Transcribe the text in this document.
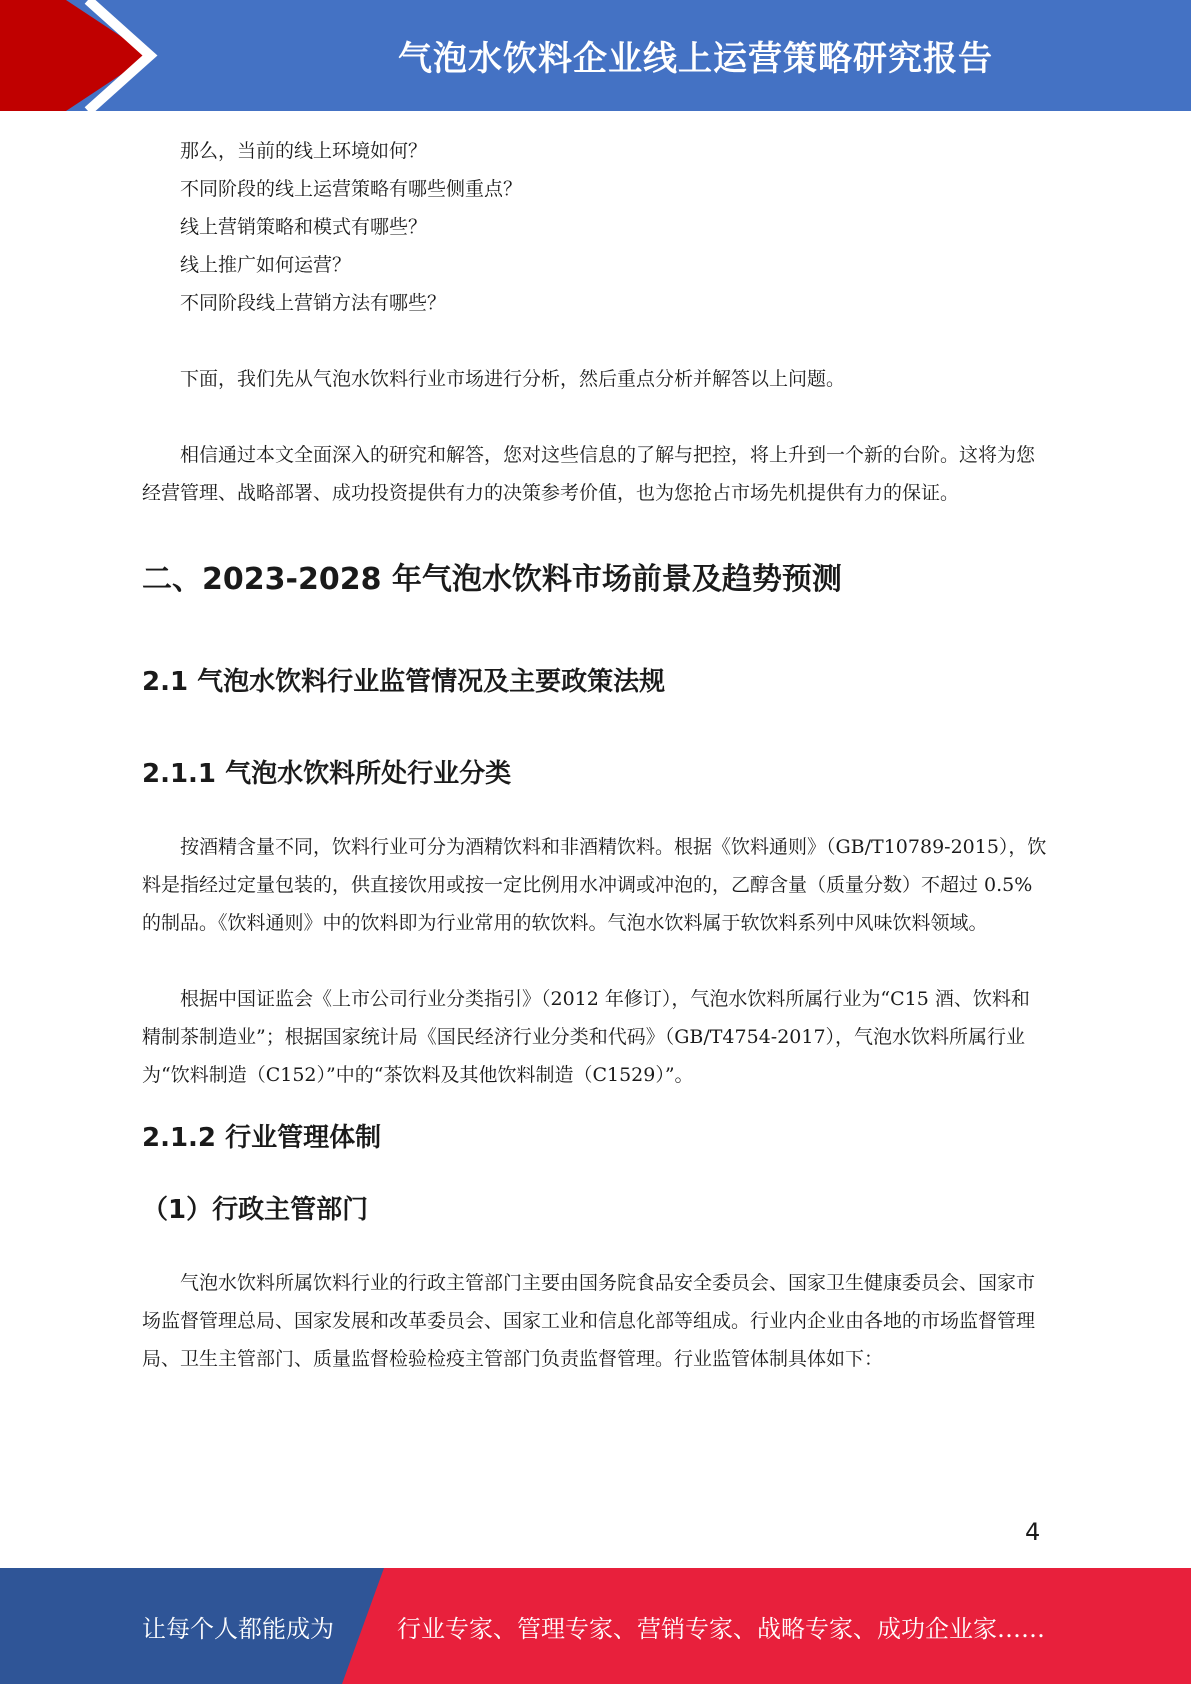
气泡水饮料企业线上运营策略研究报告

那么，当前的线上环境如何？

不同阶段的线上运营策略有哪些侧重点？

线上营销策略和模式有哪些？

线上推广如何运营？

不同阶段线上营销方法有哪些？

下面，我们先从气泡水饮料行业市场进行分析，然后重点分析并解答以上问题。

相信通过本文全面深入的研究和解答，您对这些信息的了解与把控，将上升到一个新的台阶。这将为您经营管理、战略部署、成功投资提供有力的决策参考价值，也为您抢占市场先机提供有力的保证。

二、2023-2028 年气泡水饮料市场前景及趋势预测
2.1 气泡水饮料行业监管情况及主要政策法规
2.1.1 气泡水饮料所处行业分类

按酒精含量不同，饮料行业可分为酒精饮料和非酒精饮料。根据《饮料通则》（GB/T10789-2015），饮料是指经过定量包装的，供直接饮用或按一定比例用水冲调或冲泡的，乙醇含量（质量分数）不超过 0.5%的制品。《饮料通则》中的饮料即为行业常用的软饮料。气泡水饮料属于软饮料系列中风味饮料领域。

根据中国证监会《上市公司行业分类指引》（2012 年修订），气泡水饮料所属行业为“C15 酒、饮料和精制茶制造业”；根据国家统计局《国民经济行业分类和代码》（GB/T4754-2017），气泡水饮料所属行业为“饮料制造（C152）”中的“茶饮料及其他饮料制造（C1529）”。

2.1.2 行业管理体制
（1）行政主管部门

气泡水饮料所属饮料行业的行政主管部门主要由国务院食品安全委员会、国家卫生健康委员会、国家市场监督管理总局、国家发展和改革委员会、国家工业和信息化部等组成。行业内企业由各地的市场监督管理局、卫生主管部门、质量监督检验检疫主管部门负责监督管理。行业监管体制具体如下：

4
让每个人都能成为	行业专家、管理专家、营销专家、战略专家、成功企业家……
